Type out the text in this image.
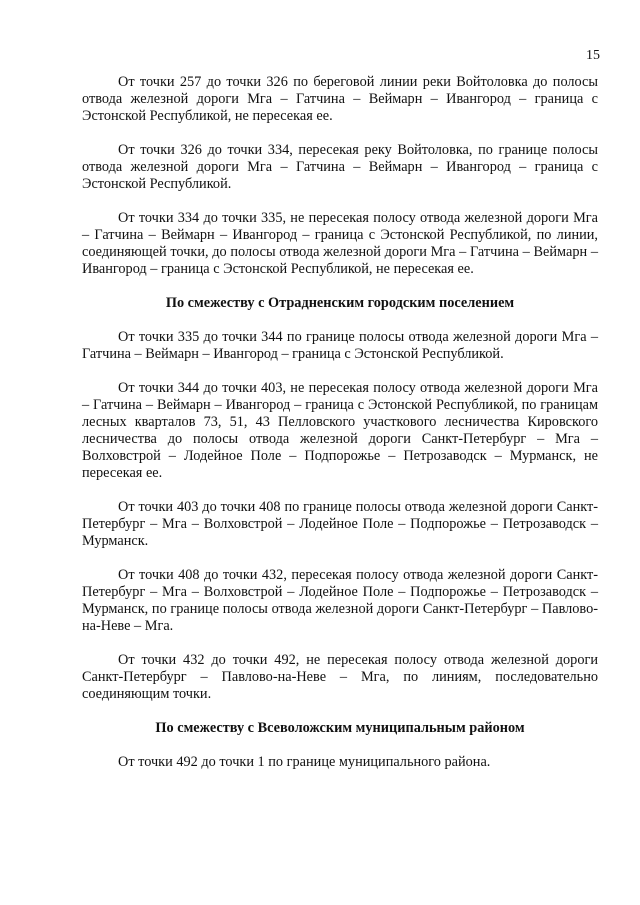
15

От точки 257 до точки 326 по береговой линии реки Войтоловка до полосы отвода железной дороги Мга – Гатчина – Веймарн – Ивангород – граница с Эстонской Республикой, не пересекая ее.

От точки 326 до точки 334, пересекая реку Войтоловка, по границе полосы отвода железной дороги Мга – Гатчина – Веймарн – Ивангород – граница с Эстонской Республикой.

От точки 334 до точки 335, не пересекая полосу отвода железной дороги Мга – Гатчина – Веймарн – Ивангород – граница с Эстонской Республикой, по линии, соединяющей точки, до полосы отвода железной дороги Мга – Гатчина – Веймарн – Ивангород – граница с Эстонской Республикой, не пересекая ее.

По смежеству с Отрадненским городским поселением

От точки 335 до точки 344 по границе полосы отвода железной дороги Мга – Гатчина – Веймарн – Ивангород – граница с Эстонской Республикой.

От точки 344 до точки 403, не пересекая полосу отвода железной дороги Мга – Гатчина – Веймарн – Ивангород – граница с Эстонской Республикой, по границам лесных кварталов 73, 51, 43 Пелловского участкового лесничества Кировского лесничества до полосы отвода железной дороги Санкт-Петербург – Мга – Волховстрой – Лодейное Поле – Подпорожье – Петрозаводск – Мурманск, не пересекая ее.

От точки 403 до точки 408 по границе полосы отвода железной дороги Санкт-Петербург – Мга – Волховстрой – Лодейное Поле – Подпорожье – Петрозаводск – Мурманск.

От точки 408 до точки 432, пересекая полосу отвода железной дороги Санкт-Петербург – Мга – Волховстрой – Лодейное Поле – Подпорожье – Петрозаводск – Мурманск, по границе полосы отвода железной дороги Санкт-Петербург – Павлово-на-Неве – Мга.

От точки 432 до точки 492, не пересекая полосу отвода железной дороги Санкт-Петербург – Павлово-на-Неве – Мга, по линиям, последовательно соединяющим точки.

По смежеству с Всеволожским муниципальным районом

От точки 492 до точки 1 по границе муниципального района.
